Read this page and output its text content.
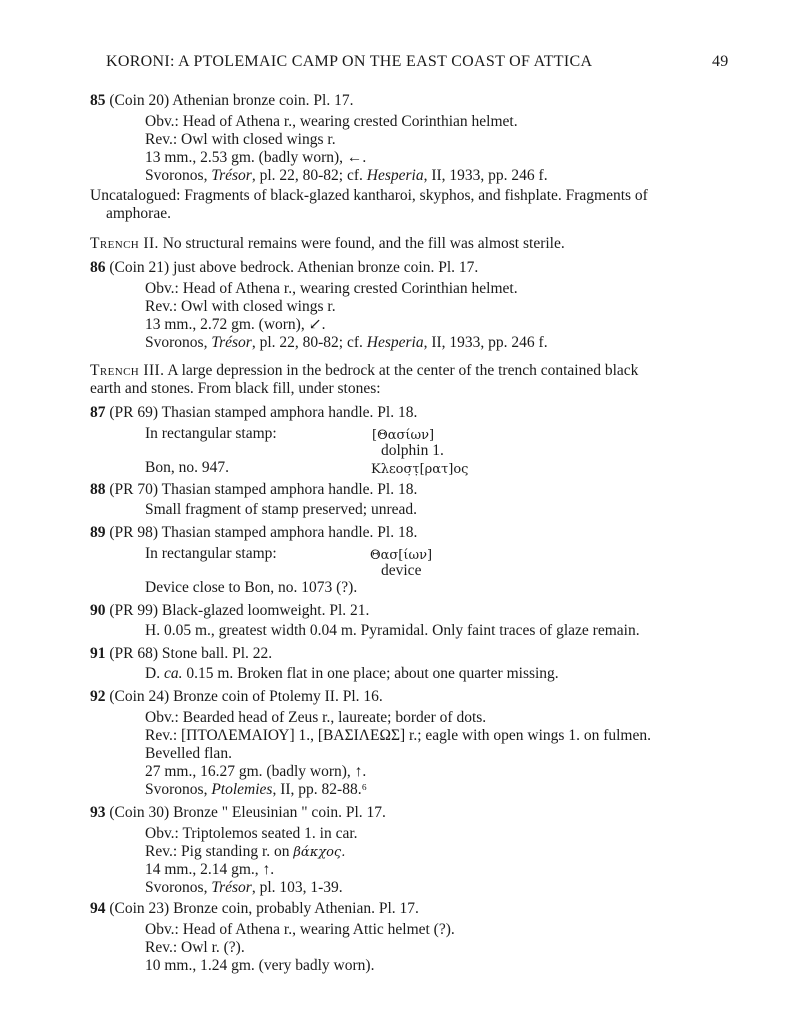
KORONI: A PTOLEMAIC CAMP ON THE EAST COAST OF ATTICA	49
85 (Coin 20) Athenian bronze coin. Pl. 17.
Obv.: Head of Athena r., wearing crested Corinthian helmet.
Rev.: Owl with closed wings r.
13 mm., 2.53 gm. (badly worn), ←.
Svoronos, Trésor, pl. 22, 80-82; cf. Hesperia, II, 1933, pp. 246 f.
Uncatalogued: Fragments of black-glazed kantharoi, skyphos, and fishplate. Fragments of
amphorae.
Trench II. No structural remains were found, and the fill was almost sterile.
86 (Coin 21) just above bedrock. Athenian bronze coin. Pl. 17.
Obv.: Head of Athena r., wearing crested Corinthian helmet.
Rev.: Owl with closed wings r.
13 mm., 2.72 gm. (worn), ↙.
Svoronos, Trésor, pl. 22, 80-82; cf. Hesperia, II, 1933, pp. 246 f.
Trench III. A large depression in the bedrock at the center of the trench contained black
earth and stones. From black fill, under stones:
87 (PR 69) Thasian stamped amphora handle. Pl. 18.
In rectangular stamp:	[Θασίων]
dolphin 1.
Bon, no. 947.	Κλεοσ̣τ̣[ρατ]ος
88 (PR 70) Thasian stamped amphora handle. Pl. 18.
Small fragment of stamp preserved; unread.
89 (PR 98) Thasian stamped amphora handle. Pl. 18.
In rectangular stamp:	Θασ[ίων]
device
Device close to Bon, no. 1073 (?).
90 (PR 99) Black-glazed loomweight. Pl. 21.
H. 0.05 m., greatest width 0.04 m. Pyramidal. Only faint traces of glaze remain.
91 (PR 68) Stone ball. Pl. 22.
D. ca. 0.15 m. Broken flat in one place; about one quarter missing.
92 (Coin 24) Bronze coin of Ptolemy II. Pl. 16.
Obv.: Bearded head of Zeus r., laureate; border of dots.
Rev.: [ΠΤΟΛΕΜΑΙΟΥ] 1., [ΒΑΣΙΛΕΩΣ] r.; eagle with open wings 1. on fulmen.
Bevelled flan.
27 mm., 16.27 gm. (badly worn), ↑.
Svoronos, Ptolemies, II, pp. 82-88.⁶
93 (Coin 30) Bronze " Eleusinian " coin. Pl. 17.
Obv.: Triptolemos seated 1. in car.
Rev.: Pig standing r. on βάκχος.
14 mm., 2.14 gm., ↑.
Svoronos, Trésor, pl. 103, 1-39.
94 (Coin 23) Bronze coin, probably Athenian. Pl. 17.
Obv.: Head of Athena r., wearing Attic helmet (?).
Rev.: Owl r. (?).
10 mm., 1.24 gm. (very badly worn).
